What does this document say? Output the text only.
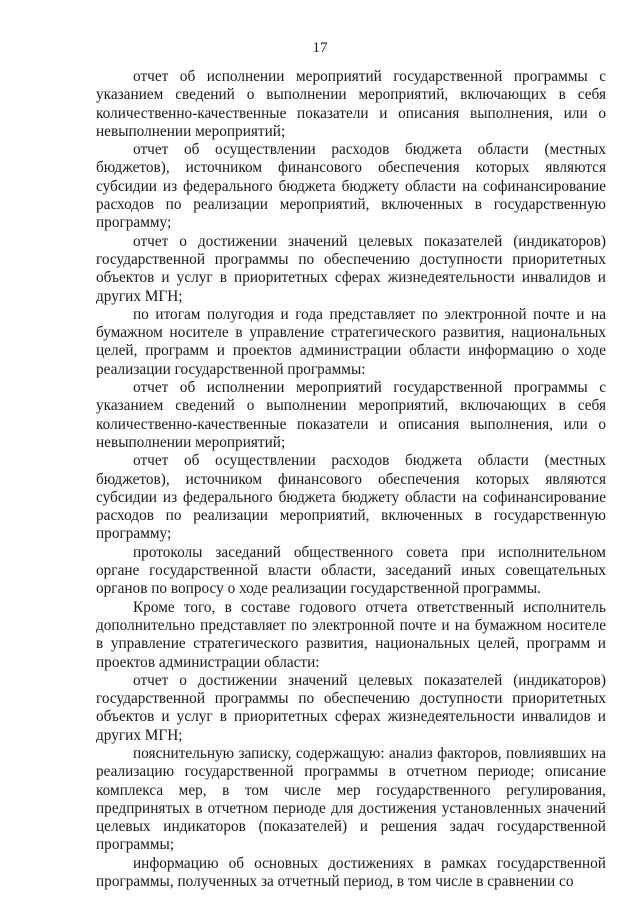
17

отчет об исполнении мероприятий государственной программы с указанием сведений о выполнении мероприятий, включающих в себя количественно-качественные показатели и описания выполнения, или о невыполнении мероприятий;

отчет об осуществлении расходов бюджета области (местных бюджетов), источником финансового обеспечения которых являются субсидии из федерального бюджета бюджету области на софинансирование расходов по реализации мероприятий, включенных в государственную программу;

отчет о достижении значений целевых показателей (индикаторов) государственной программы по обеспечению доступности приоритетных объектов и услуг в приоритетных сферах жизнедеятельности инвалидов и других МГН;

по итогам полугодия и года представляет по электронной почте и на бумажном носителе в управление стратегического развития, национальных целей, программ и проектов администрации области информацию о ходе реализации государственной программы:

отчет об исполнении мероприятий государственной программы с указанием сведений о выполнении мероприятий, включающих в себя количественно-качественные показатели и описания выполнения, или о невыполнении мероприятий;

отчет об осуществлении расходов бюджета области (местных бюджетов), источником финансового обеспечения которых являются субсидии из федерального бюджета бюджету области на софинансирование расходов по реализации мероприятий, включенных в государственную программу;

протоколы заседаний общественного совета при исполнительном органе государственной власти области, заседаний иных совещательных органов по вопросу о ходе реализации государственной программы.

Кроме того, в составе годового отчета ответственный исполнитель дополнительно представляет по электронной почте и на бумажном носителе в управление стратегического развития, национальных целей, программ и проектов администрации области:

отчет о достижении значений целевых показателей (индикаторов) государственной программы по обеспечению доступности приоритетных объектов и услуг в приоритетных сферах жизнедеятельности инвалидов и других МГН;

пояснительную записку, содержащую: анализ факторов, повлиявших на реализацию государственной программы в отчетном периоде; описание комплекса мер, в том числе мер государственного регулирования, предпринятых в отчетном периоде для достижения установленных значений целевых индикаторов (показателей) и решения задач государственной программы;

информацию об основных достижениях в рамках государственной программы, полученных за отчетный период, в том числе в сравнении со
